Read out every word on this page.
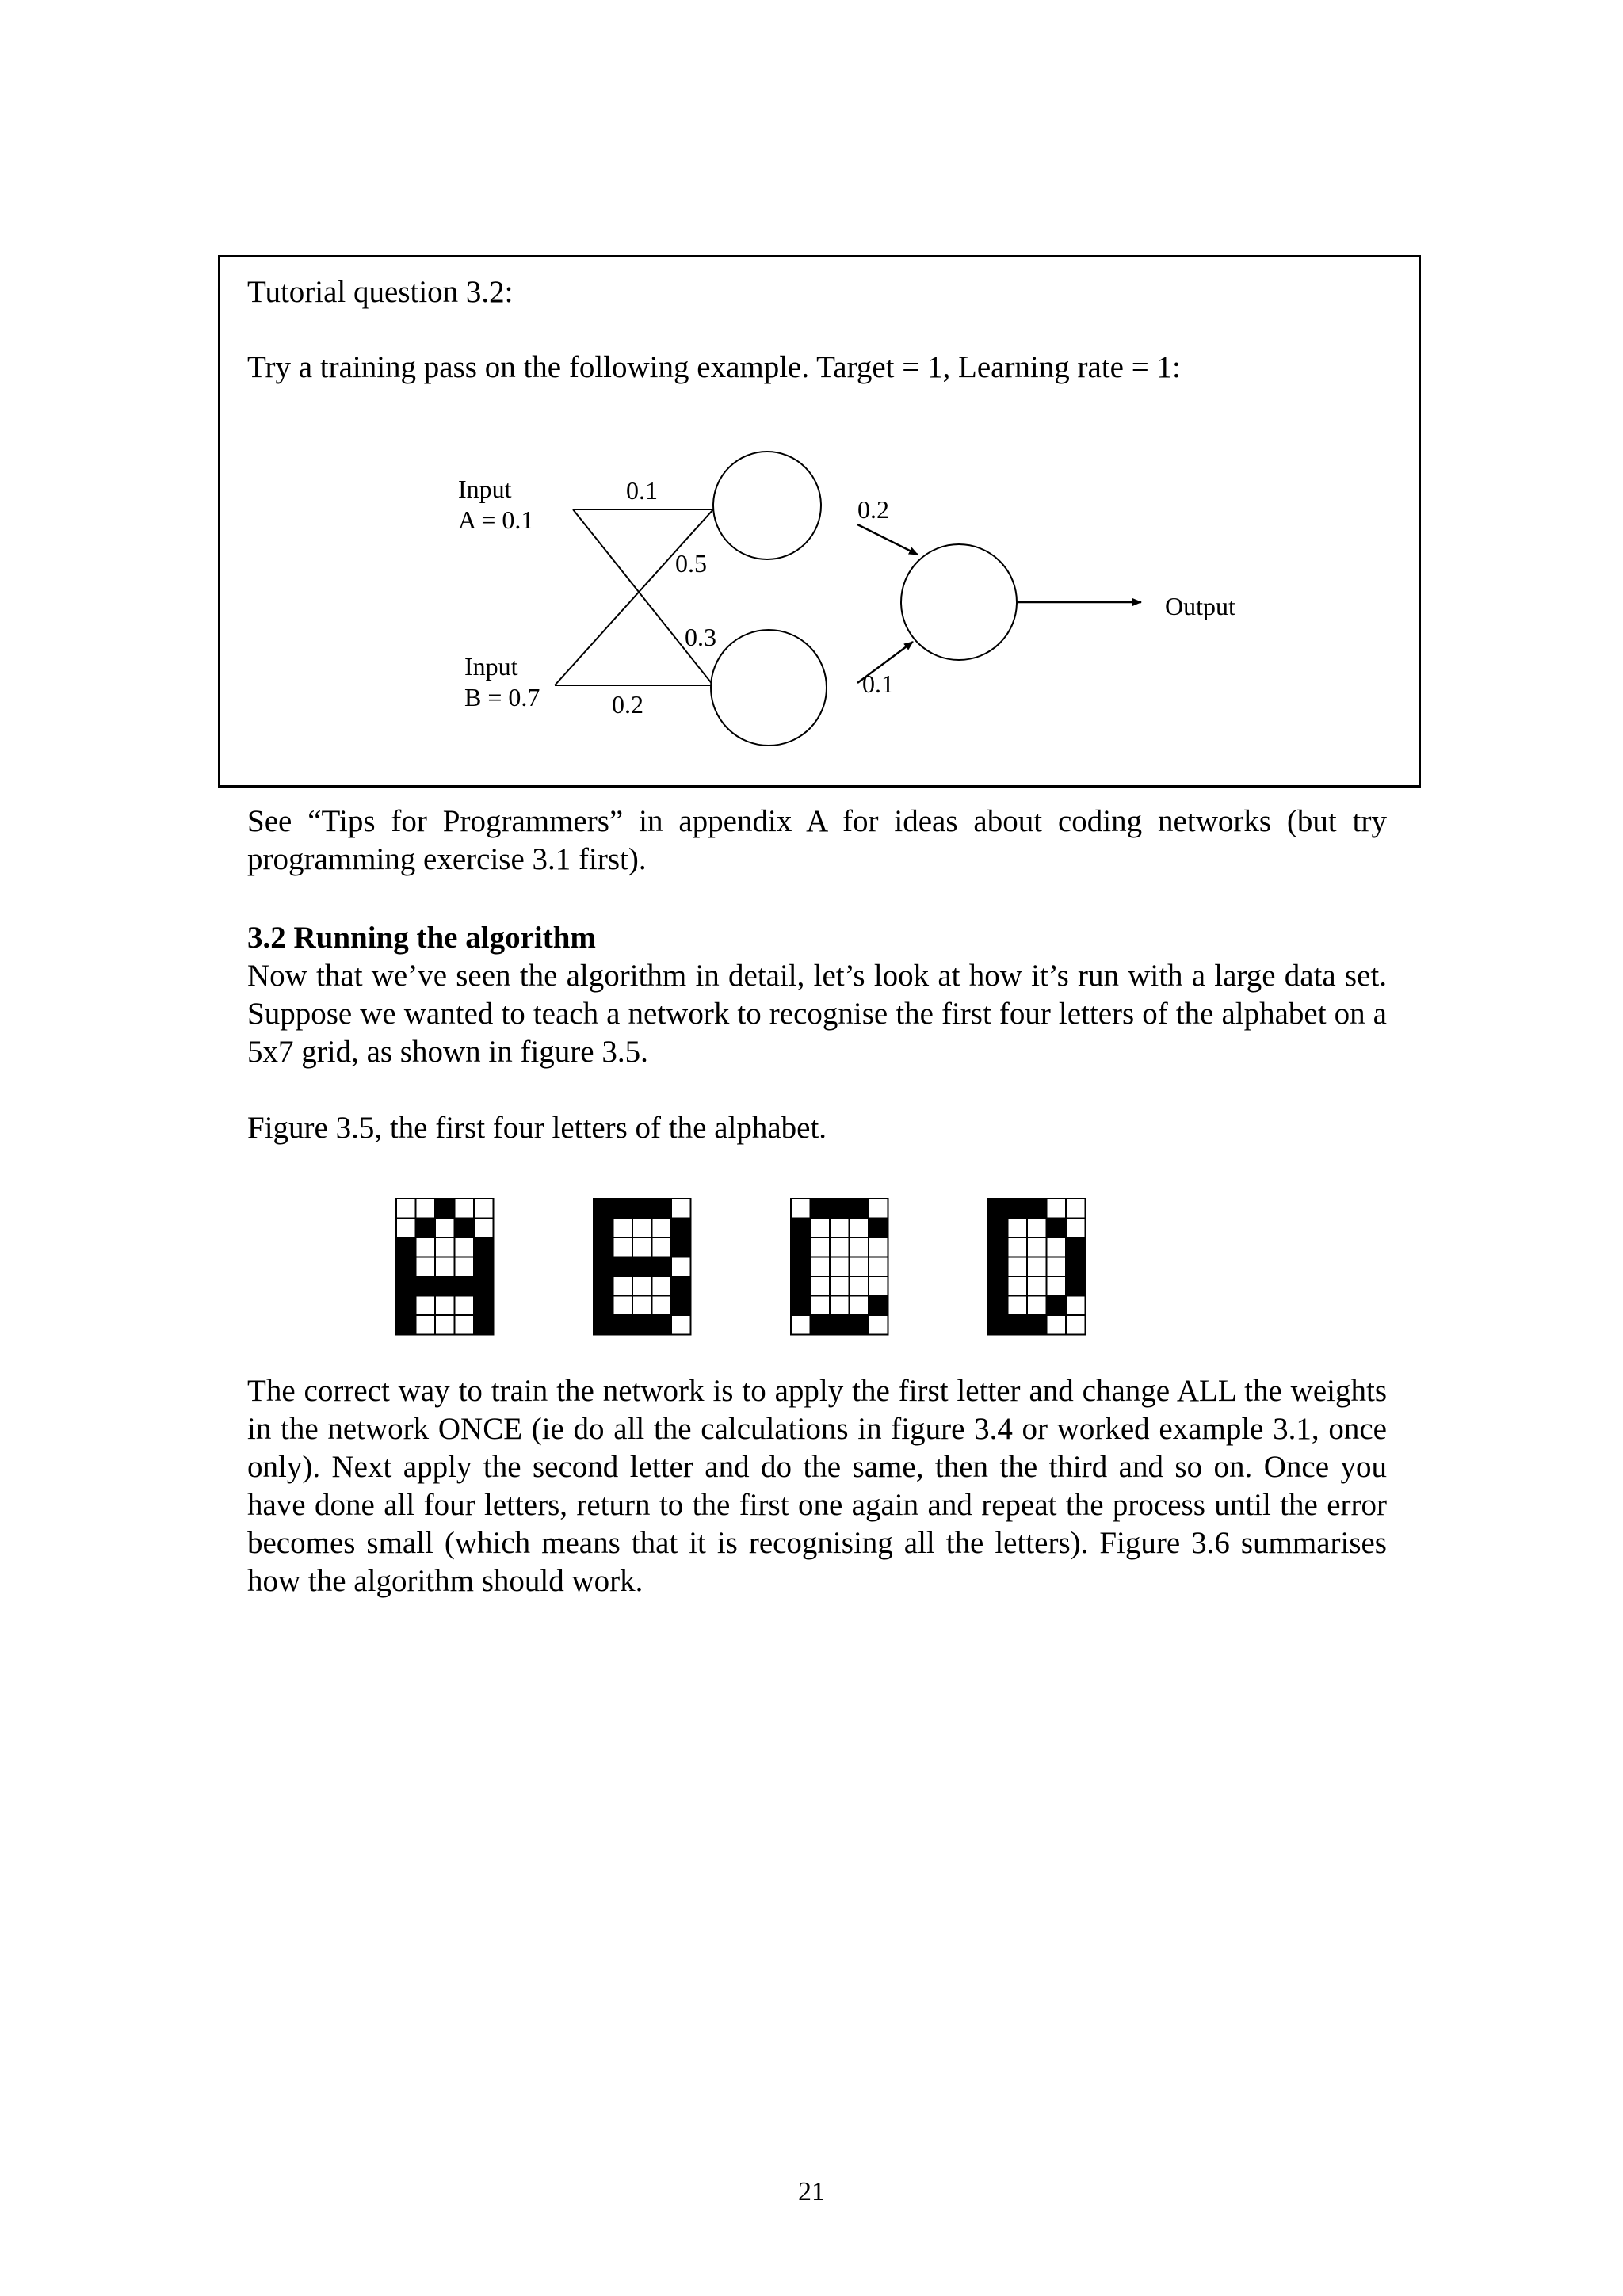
Tutorial question 3.2:
Try a training pass on the following example. Target = 1, Learning rate = 1:
Input
A = 0.1
Input
B = 0.7
0.1
0.5
0.3
0.2
0.2
0.1
Output
See “Tips for Programmers” in appendix A for ideas about coding networks (but try programming exercise 3.1 first).
3.2 Running the algorithm
Now that we’ve seen the algorithm in detail, let’s look at how it’s run with a large data set. Suppose we wanted to teach a network to recognise the first four letters of the alphabet on a 5x7 grid, as shown in figure 3.5.
Figure 3.5, the first four letters of the alphabet.
The correct way to train the network is to apply the first letter and change ALL the weights in the network ONCE (ie do all the calculations in figure 3.4 or worked example 3.1, once only). Next apply the second letter and do the same, then the third and so on. Once you have done all four letters, return to the first one again and repeat the process until the error becomes small (which means that it is recognising all the letters). Figure 3.6 summarises how the algorithm should work.
21
